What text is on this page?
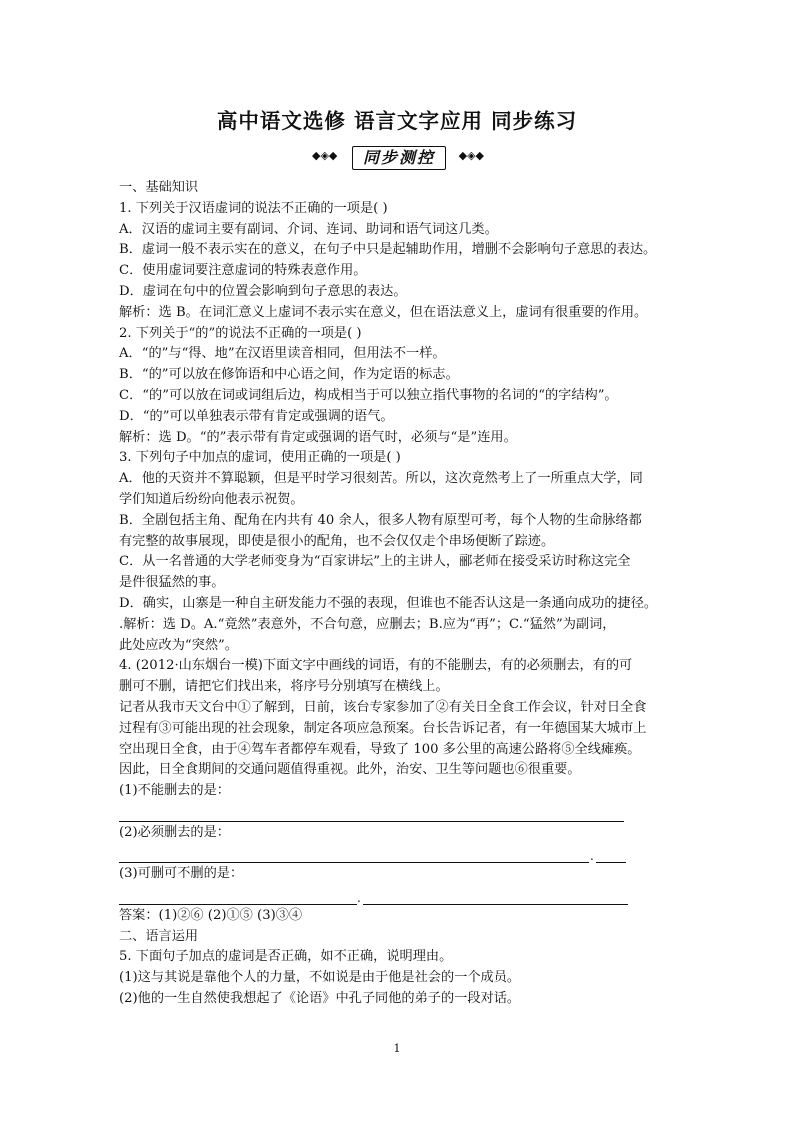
高中语文选修 语言文字应用 同步练习
◆◈◆	同步测控	◆◈◆

一、基础知识

1. 下列关于汉语虚词的说法不正确的一项是( )

A．汉语的虚词主要有副词、介词、连词、助词和语气词这几类。

B．虚词一般不表示实在的意义，在句子中只是起辅助作用，增删不会影响句子意思的表达。

C．使用虚词要注意虚词的特殊表意作用。

D．虚词在句中的位置会影响到句子意思的表达。

解析：选 B。在词汇意义上虚词不表示实在意义，但在语法意义上，虚词有很重要的作用。

2. 下列关于“的”的说法不正确的一项是( )

A．“的”与“得、地”在汉语里读音相同，但用法不一样。

B．“的”可以放在修饰语和中心语之间，作为定语的标志。

C．“的”可以放在词或词组后边，构成相当于可以独立指代事物的名词的“的字结构”。

D．“的”可以单独表示带有肯定或强调的语气。

解析：选 D。“的”表示带有肯定或强调的语气时，必须与“是”连用。

3. 下列句子中加点的虚词，使用正确的一项是( )

A．他的天资并不算聪颖，但是平时学习很刻苦。所以，这次竟然考上了一所重点大学，同

学们知道后纷纷向他表示祝贺。

B．全剧包括主角、配角在内共有 40 余人，很多人物有原型可考，每个人物的生命脉络都

有完整的故事展现，即使是很小的配角，也不会仅仅走个串场便断了踪迹。

C．从一名普通的大学老师变身为“百家讲坛”上的主讲人，郦老师在接受采访时称这完全

是件很猛然的事。

D．确实，山寨是一种自主研发能力不强的表现，但谁也不能否认这是一条通向成功的捷径。

.解析：选 D。A.“竟然”表意外，不合句意，应删去；B.应为“再”；C.“猛然”为副词，

此处应改为“突然”。

4. (2012·山东烟台一模)下面文字中画线的词语，有的不能删去，有的必须删去，有的可

删可不删，请把它们找出来，将序号分别填写在横线上。

记者从我市天文台中①了解到，日前，该台专家参加了②有关日全食工作会议，针对日全食

过程有③可能出现的社会现象，制定各项应急预案。台长告诉记者，有一年德国某大城市上

空出现日全食，由于④驾车者都停车观看，导致了 100 多公里的高速公路将⑤全线瘫痪。

因此，日全食期间的交通问题值得重视。此外，治安、卫生等问题也⑥很重要。

(1)不能删去的是：

(2)必须删去的是：

(3)可删可不删的是：

答案：(1)②⑥ (2)①⑤ (3)③④

二、语言运用

5. 下面句子加点的虚词是否正确，如不正确，说明理由。

(1)这与其说是靠他个人的力量，不如说是由于他是社会的一个成员。

(2)他的一生自然使我想起了《论语》中孔子同他的弟子的一段对话。

.
.
1
